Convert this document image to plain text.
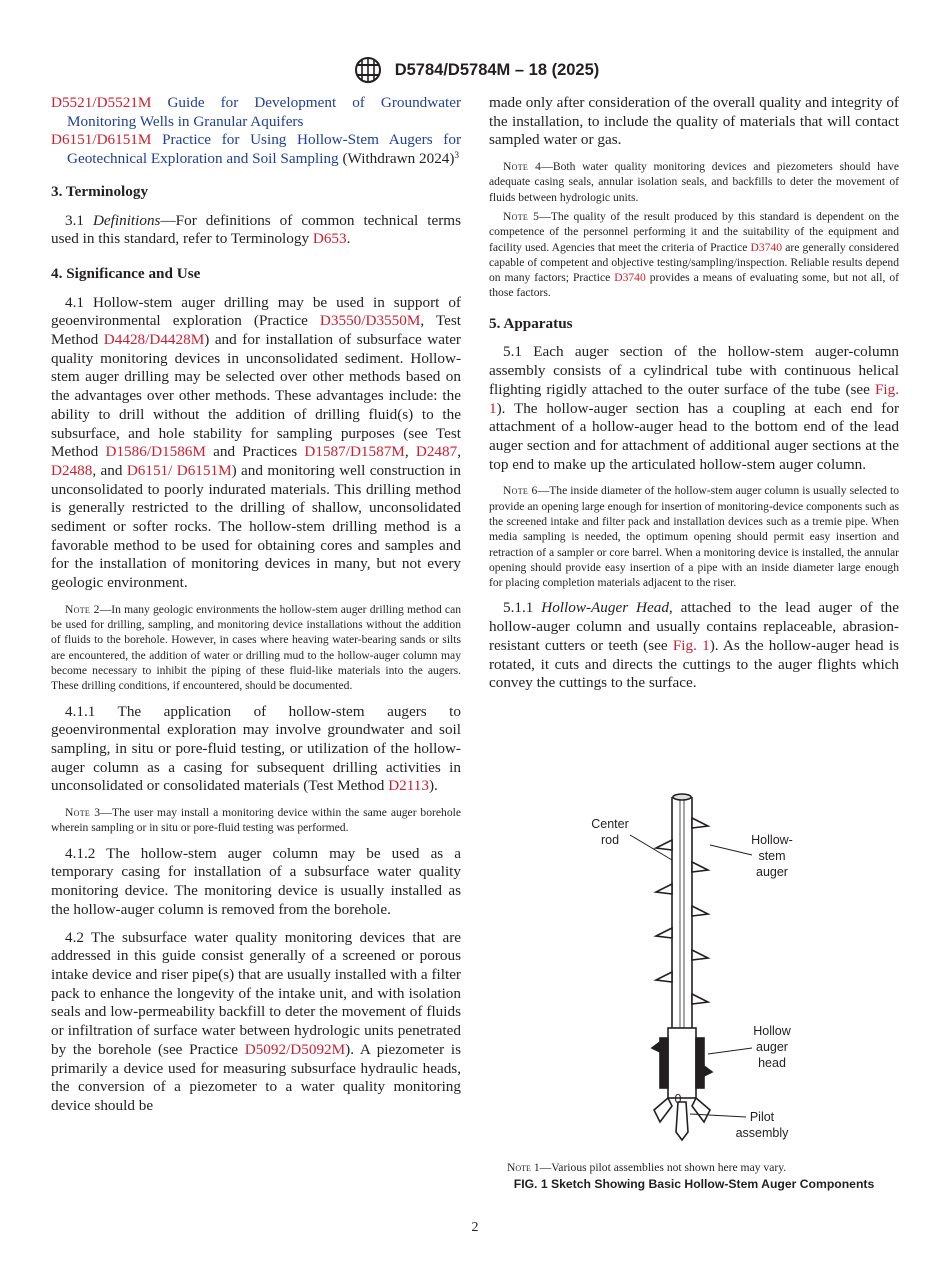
D5784/D5784M – 18 (2025)

D5521/D5521M Guide for Development of Groundwater Monitoring Wells in Granular Aquifers

D6151/D6151M Practice for Using Hollow-Stem Augers for Geotechnical Exploration and Soil Sampling (Withdrawn 2024)$^3$

3. Terminology

3.1 Definitions—For definitions of common technical terms used in this standard, refer to Terminology D653.

4. Significance and Use

4.1 Hollow-stem auger drilling may be used in support of geoenvironmental exploration (Practice D3550/D3550M, Test Method D4428/D4428M) and for installation of subsurface water quality monitoring devices in unconsolidated sediment. Hollow-stem auger drilling may be selected over other methods based on the advantages over other methods. These advantages include: the ability to drill without the addition of drilling fluid(s) to the subsurface, and hole stability for sampling purposes (see Test Method D1586/D1586M and Practices D1587/D1587M, D2487, D2488, and D6151/ D6151M) and monitoring well construction in unconsolidated to poorly indurated materials. This drilling method is generally restricted to the drilling of shallow, unconsolidated sediment or softer rocks. The hollow-stem drilling method is a favorable method to be used for obtaining cores and samples and for the installation of monitoring devices in many, but not every geologic environment.

Note 2—In many geologic environments the hollow-stem auger drilling method can be used for drilling, sampling, and monitoring device installations without the addition of fluids to the borehole. However, in cases where heaving water-bearing sands or silts are encountered, the addition of water or drilling mud to the hollow-auger column may become necessary to inhibit the piping of these fluid-like materials into the augers. These drilling conditions, if encountered, should be documented.

4.1.1 The application of hollow-stem augers to geoenvironmental exploration may involve groundwater and soil sampling, in situ or pore-fluid testing, or utilization of the hollow-auger column as a casing for subsequent drilling activities in unconsolidated or consolidated materials (Test Method D2113).

Note 3—The user may install a monitoring device within the same auger borehole wherein sampling or in situ or pore-fluid testing was performed.

4.1.2 The hollow-stem auger column may be used as a temporary casing for installation of a subsurface water quality monitoring device. The monitoring device is usually installed as the hollow-auger column is removed from the borehole.

4.2 The subsurface water quality monitoring devices that are addressed in this guide consist generally of a screened or porous intake device and riser pipe(s) that are usually installed with a filter pack to enhance the longevity of the intake unit, and with isolation seals and low-permeability backfill to deter the movement of fluids or infiltration of surface water between hydrologic units penetrated by the borehole (see Practice D5092/D5092M). A piezometer is primarily a device used for measuring subsurface hydraulic heads, the conversion of a piezometer to a water quality monitoring device should be

made only after consideration of the overall quality and integrity of the installation, to include the quality of materials that will contact sampled water or gas.

Note 4—Both water quality monitoring devices and piezometers should have adequate casing seals, annular isolation seals, and backfills to deter the movement of fluids between hydrologic units.

Note 5—The quality of the result produced by this standard is dependent on the competence of the personnel performing it and the suitability of the equipment and facility used. Agencies that meet the criteria of Practice D3740 are generally considered capable of competent and objective testing/sampling/inspection. Reliable results depend on many factors; Practice D3740 provides a means of evaluating some, but not all, of those factors.

5. Apparatus

5.1 Each auger section of the hollow-stem auger-column assembly consists of a cylindrical tube with continuous helical flighting rigidly attached to the outer surface of the tube (see Fig. 1). The hollow-auger section has a coupling at each end for attachment of a hollow-auger head to the bottom end of the lead auger section and for attachment of additional auger sections at the top end to make up the articulated hollow-stem auger column.

Note 6—The inside diameter of the hollow-stem auger column is usually selected to provide an opening large enough for insertion of monitoring-device components such as the screened intake and filter pack and installation devices such as a tremie pipe. When media sampling is needed, the optimum opening should permit easy insertion and retraction of a sampler or core barrel. When a monitoring device is installed, the annular opening should provide easy insertion of a pipe with an inside diameter large enough for placing completion materials adjacent to the riser.

5.1.1 Hollow-Auger Head, attached to the lead auger of the hollow-auger column and usually contains replaceable, abrasion-resistant cutters or teeth (see Fig. 1). As the hollow-auger head is rotated, it cuts and directs the cuttings to the auger flights which convey the cuttings to the surface.

Center
rod	Hollow-
stem
auger
Hollow
auger
head
Pilot
assembly
0
Note 1—Various pilot assemblies not shown here may vary.
FIG. 1 Sketch Showing Basic Hollow-Stem Auger Components
2
